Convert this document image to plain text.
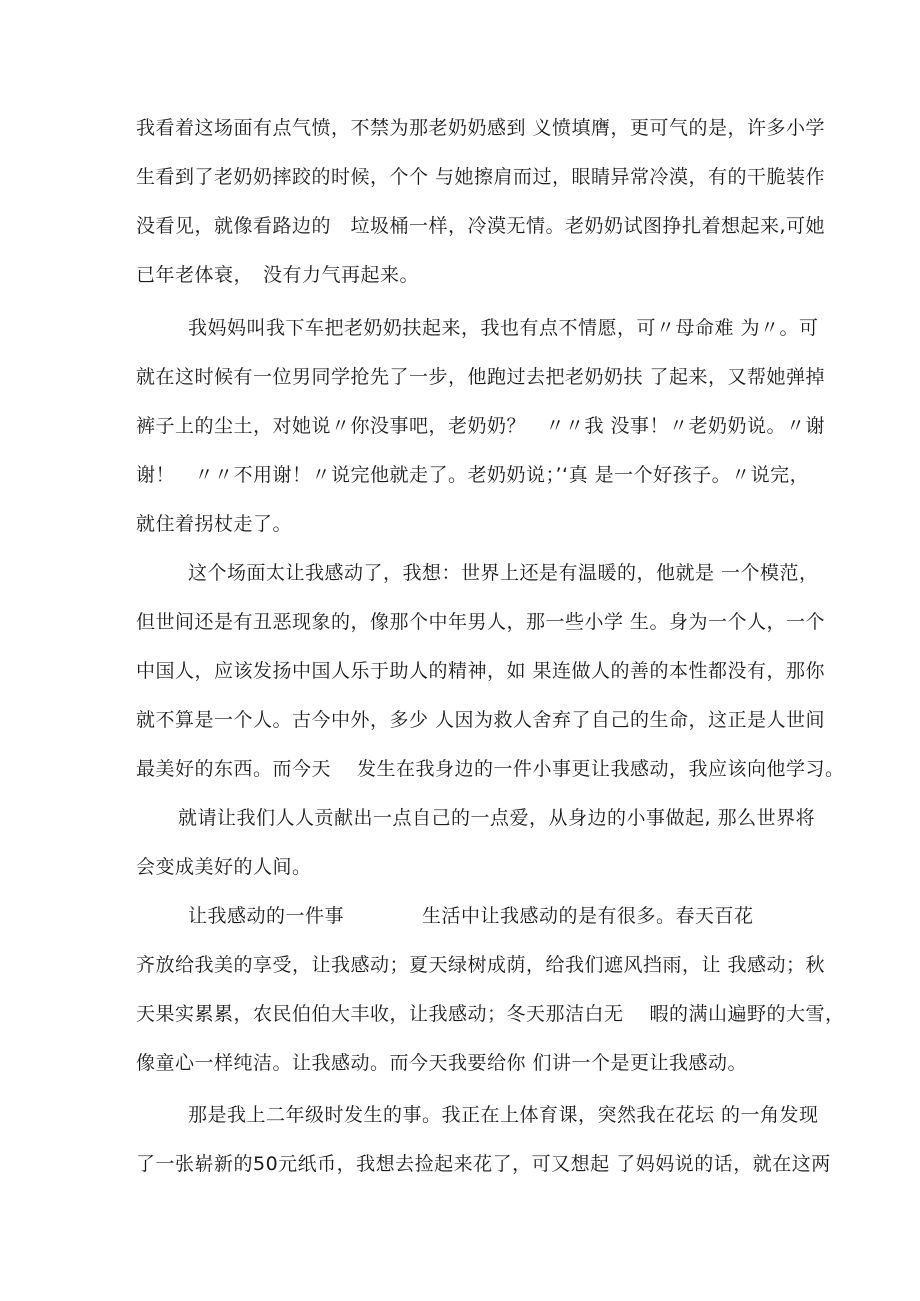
我看着这场面有点气愤，不禁为那老奶奶感到 义愤填膺，更可气的是，许多小学
生看到了老奶奶摔跤的时候，个个 与她擦肩而过，眼睛异常冷漠，有的干脆装作
没看见，就像看路边的　垃圾桶一样，冷漠无情。老奶奶试图挣扎着想起来,可她
已年老体衰，　没有力气再起来。
我妈妈叫我下车把老奶奶扶起来，我也有点不情愿，可〃母命难 为〃。可
就在这时候有一位男同学抢先了一步，他跑过去把老奶奶扶 了起来，又帮她弹掉
裤子上的尘土，对她说〃你没事吧，老奶奶？　〃〃我 没事！〃老奶奶说。〃谢
谢！　〃〃不用谢！〃说完他就走了。老奶奶说；’‘真 是一个好孩子。〃说完，
就住着拐杖走了。
这个场面太让我感动了，我想：世界上还是有温暖的，他就是 一个模范，
但世间还是有丑恶现象的，像那个中年男人，那一些小学 生。身为一个人，一个
中国人，应该发扬中国人乐于助人的精神，如 果连做人的善的本性都没有，那你
就不算是一个人。古今中外，多少 人因为救人舍弃了自己的生命，这正是人世间
最美好的东西。而今天　 发生在我身边的一件小事更让我感动，我应该向他学习。
就请让我们人人贡献出一点自己的一点爱，从身边的小事做起, 那么世界将
会变成美好的人间。
让我感动的一件事　　　　生活中让我感动的是有很多。春天百花
齐放给我美的享受，让我感动；夏天绿树成荫，给我们遮风挡雨，让 我感动；秋
天果实累累，农民伯伯大丰收，让我感动；冬天那洁白无　 暇的满山遍野的大雪，
像童心一样纯洁。让我感动。而今天我要给你 们讲一个是更让我感动。
那是我上二年级时发生的事。我正在上体育课，突然我在花坛 的一角发现
了一张崭新的50元纸币，我想去捡起来花了，可又想起 了妈妈说的话，就在这两
